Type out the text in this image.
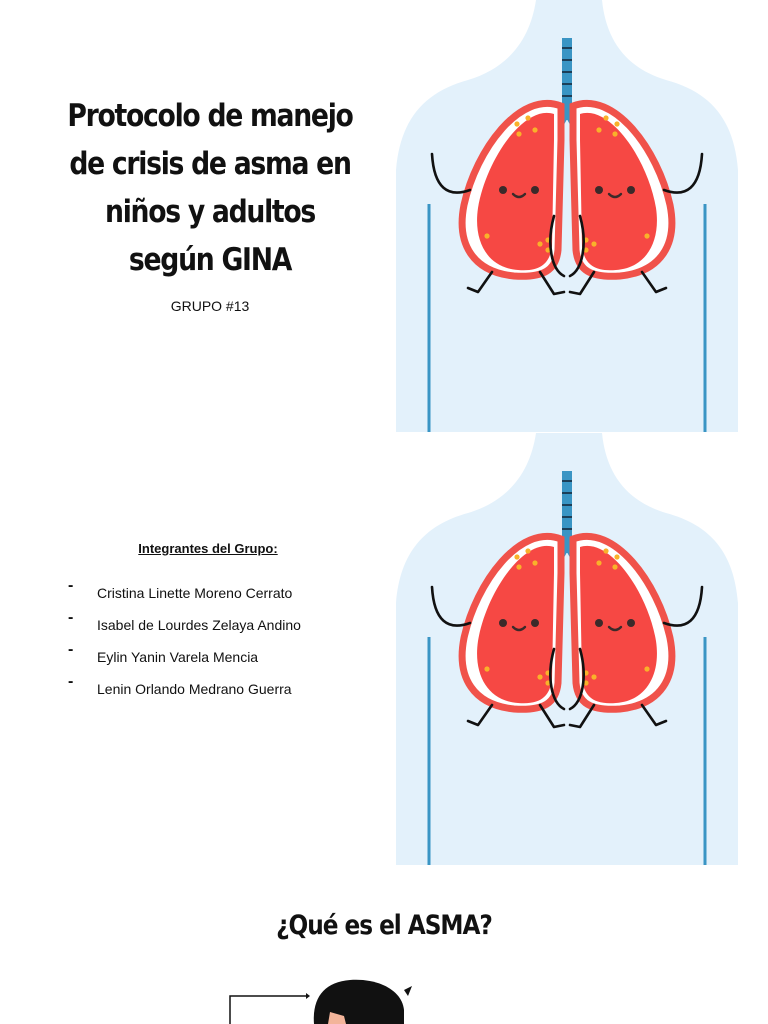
Protocolo de manejo de crisis de asma en niños y adultos según GINA
GRUPO #13
Integrantes del Grupo:
- Cristina Linette Moreno Cerrato
- Isabel de Lourdes Zelaya Andino
- Eylin Yanin Varela Mencia
- Lenin Orlando Medrano Guerra
¿Qué es el ASMA?
